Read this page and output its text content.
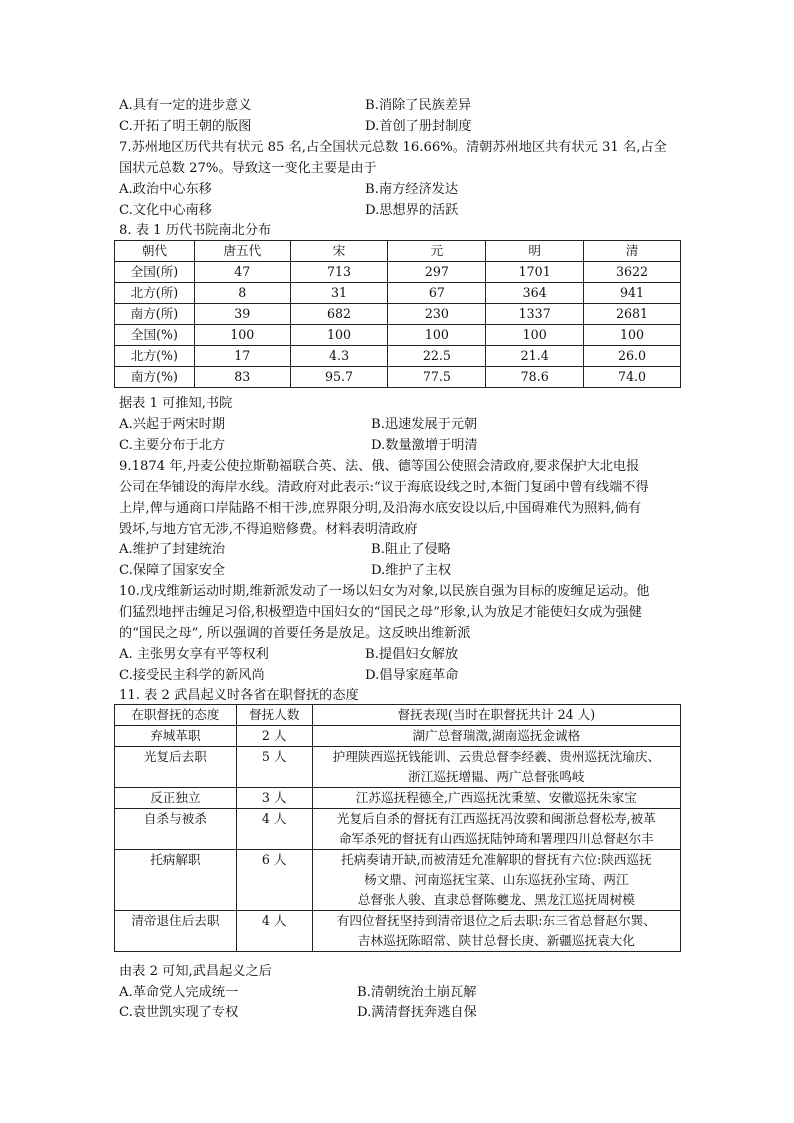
A.具有一定的进步意义	B.消除了民族差异
C.开拓了明王朝的版图	D.首创了册封制度
7.苏州地区历代共有状元 85 名,占全国状元总数 16.66%。清朝苏州地区共有状元 31 名,占全
国状元总数 27%。导致这一变化主要是由于
A.政治中心东移	B.南方经济发达
C.文化中心南移	D.思想界的活跃
8. 表 1 历代书院南北分布
朝代	唐五代	宋	元	明	清
全国(所)	47	713	297	1701	3622
北方(所)	8	31	67	364	941
南方(所)	39	682	230	1337	2681
全国(%)	100	100	100	100	100
北方(%)	17	4.3	22.5	21.4	26.0
南方(%)	83	95.7	77.5	78.6	74.0
据表 1 可推知,书院
A.兴起于两宋时期	B.迅速发展于元朝
C.主要分布于北方	D.数量激增于明清
9.1874 年,丹麦公使拉斯勒福联合英、法、俄、德等国公使照会清政府,要求保护大北电报
公司在华铺设的海岸水线。清政府对此表示:“议于海底设线之时,本衙门复函中曾有线端不得
上岸,俾与通商口岸陆路不相干涉,庶界限分明,及沿海水底安设以后,中国碍难代为照料,倘有
毁坏,与地方官无涉,不得追赔修费。材料表明清政府
A.维护了封建统治	B.阻止了侵略
C.保障了国家安全	D.维护了主权
10.戊戌维新运动时期,维新派发动了一场以妇女为对象,以民族自强为目标的废缠足运动。他
们猛烈地抨击缠足习俗,积极塑造中国妇女的“国民之母”形象,认为放足才能使妇女成为强健
的“国民之母”, 所以强调的首要任务是放足。这反映出维新派
A. 主张男女享有平等权利	B.提倡妇女解放
C.接受民主科学的新风尚	D.倡导家庭革命
11. 表 2 武昌起义时各省在职督抚的态度
在职督抚的态度	督抚人数	督抚表现(当时在职督抚共计 24 人)
弃城革职	2 人	湖广总督瑞澂,湖南巡抚金诚格

光复后去职	5 人	护理陕西巡抚钱能训、云贵总督李经羲、贵州巡抚沈瑜庆、
浙江巡抚增韫、两广总督张鸣岐

反正独立	3 人	江苏巡抚程德全,广西巡抚沈秉堃、安徽巡抚朱家宝

自杀与被杀	4 人	光复后自杀的督抚有江西巡抚冯汝骙和闽浙总督松寿,被革
命军杀死的督抚有山西巡抚陆钟琦和署理四川总督赵尔丰

托病解职	6 人	托病奏请开缺,而被清廷允准解职的督抚有六位:陕西巡抚
杨文鼎、河南巡抚宝菜、山东巡抚孙宝琦、两江
总督张人骏、直隶总督陈夔龙、黑龙江巡抚周树模

清帝退住后去职	4 人	有四位督抚坚持到清帝退位之后去职:东三省总督赵尔巽、
吉林巡抚陈昭常、陕甘总督长庚、新疆巡抚袁大化
由表 2 可知,武昌起义之后
A.革命党人完成统一	B.清朝统治土崩瓦解
C.袁世凯实现了专权	D.满清督抚奔逃自保
